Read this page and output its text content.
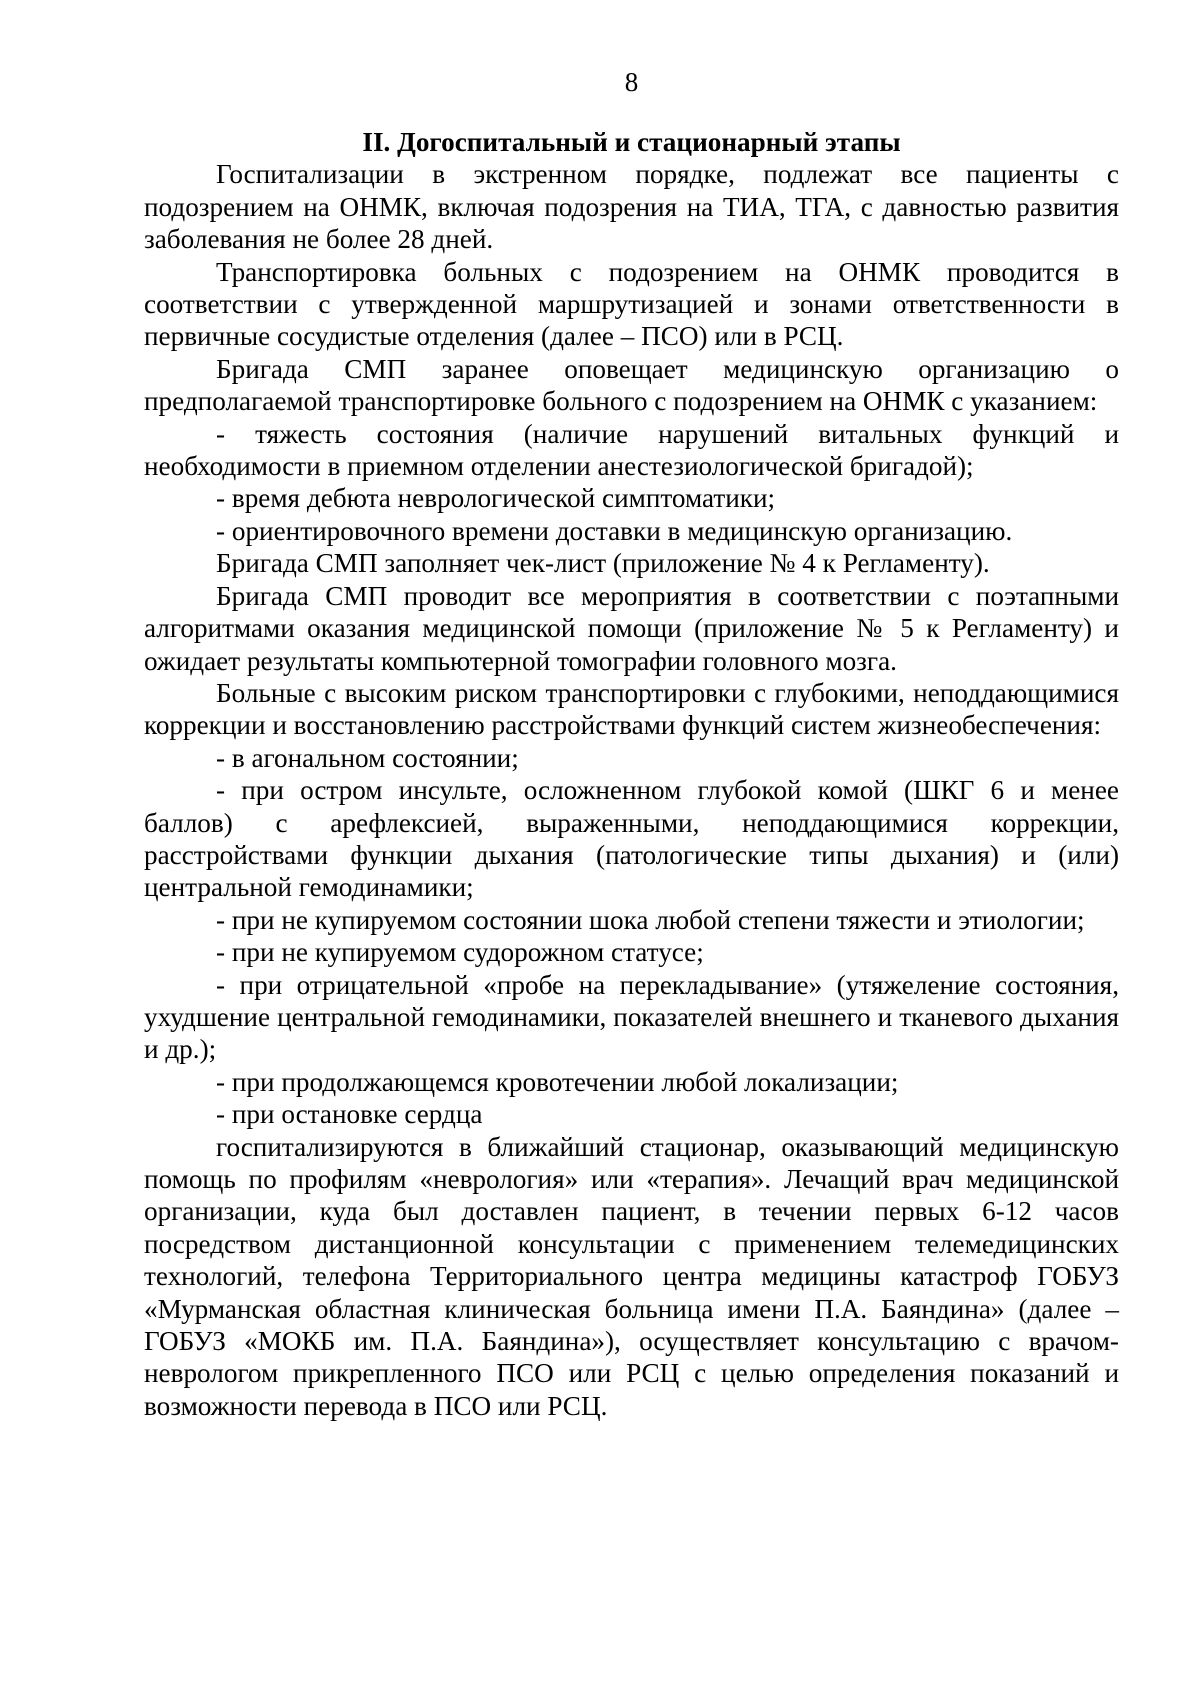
8

II. Догоспитальный и стационарный этапы

Госпитализации в экстренном порядке, подлежат все пациенты с подозрением на ОНМК, включая подозрения на ТИА, ТГА, с давностью развития заболевания не более 28 дней.

Транспортировка больных с подозрением на ОНМК проводится в соответствии с утвержденной маршрутизацией и зонами ответственности в первичные сосудистые отделения (далее – ПСО) или в РСЦ.

Бригада СМП заранее оповещает медицинскую организацию о предполагаемой транспортировке больного с подозрением на ОНМК с указанием:

- тяжесть состояния (наличие нарушений витальных функций и необходимости в приемном отделении анестезиологической бригадой);

- время дебюта неврологической симптоматики;

- ориентировочного времени доставки в медицинскую организацию.

Бригада СМП заполняет чек-лист (приложение № 4 к Регламенту).

Бригада СМП проводит все мероприятия в соответствии с поэтапными алгоритмами оказания медицинской помощи (приложение № 5 к Регламенту) и ожидает результаты компьютерной томографии головного мозга.

Больные с высоким риском транспортировки с глубокими, неподдающимися коррекции и восстановлению расстройствами функций систем жизнеобеспечения:

- в агональном состоянии;

- при остром инсульте, осложненном глубокой комой (ШКГ 6 и менее баллов) с арефлексией, выраженными, неподдающимися коррекции, расстройствами функции дыхания (патологические типы дыхания) и (или) центральной гемодинамики;

- при не купируемом состоянии шока любой степени тяжести и этиологии;

- при не купируемом судорожном статусе;

- при отрицательной «пробе на перекладывание» (утяжеление состояния, ухудшение центральной гемодинамики, показателей внешнего и тканевого дыхания и др.);

- при продолжающемся кровотечении любой локализации;

- при остановке сердца

госпитализируются в ближайший стационар, оказывающий медицинскую помощь по профилям «неврология» или «терапия». Лечащий врач медицинской организации, куда был доставлен пациент, в течении первых 6-12 часов посредством дистанционной консультации с применением телемедицинских технологий, телефона Территориального центра медицины катастроф ГОБУЗ «Мурманская областная клиническая больница имени П.А. Баяндина» (далее – ГОБУЗ «МОКБ им. П.А. Баяндина»), осуществляет консультацию с врачом-неврологом прикрепленного ПСО или РСЦ с целью определения показаний и возможности перевода в ПСО или РСЦ.
